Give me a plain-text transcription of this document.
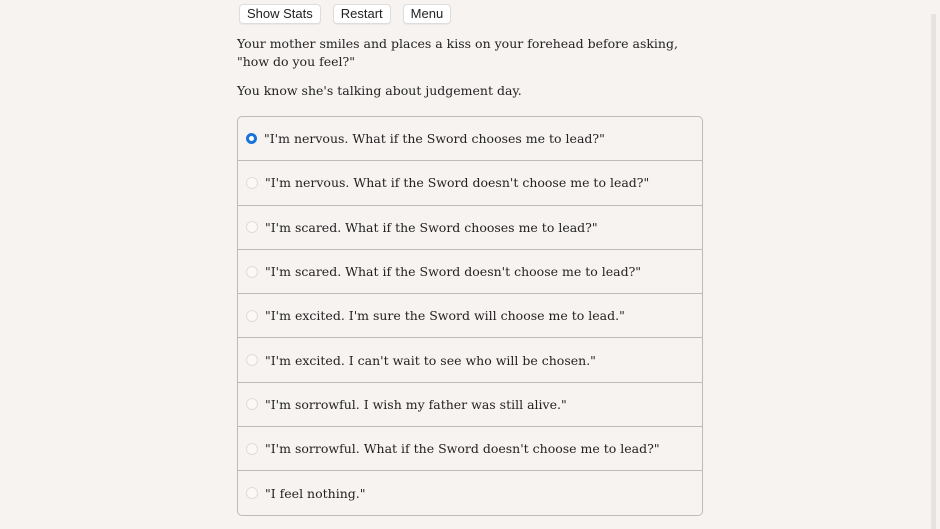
Show Stats	Restart	Menu
Your mother smiles and places a kiss on your forehead before asking, "how do you feel?"
You know she's talking about judgement day.
"I'm nervous. What if the Sword chooses me to lead?"
"I'm nervous. What if the Sword doesn't choose me to lead?"
"I'm scared. What if the Sword chooses me to lead?"
"I'm scared. What if the Sword doesn't choose me to lead?"
"I'm excited. I'm sure the Sword will choose me to lead."
"I'm excited. I can't wait to see who will be chosen."
"I'm sorrowful. I wish my father was still alive."
"I'm sorrowful. What if the Sword doesn't choose me to lead?"
"I feel nothing."
